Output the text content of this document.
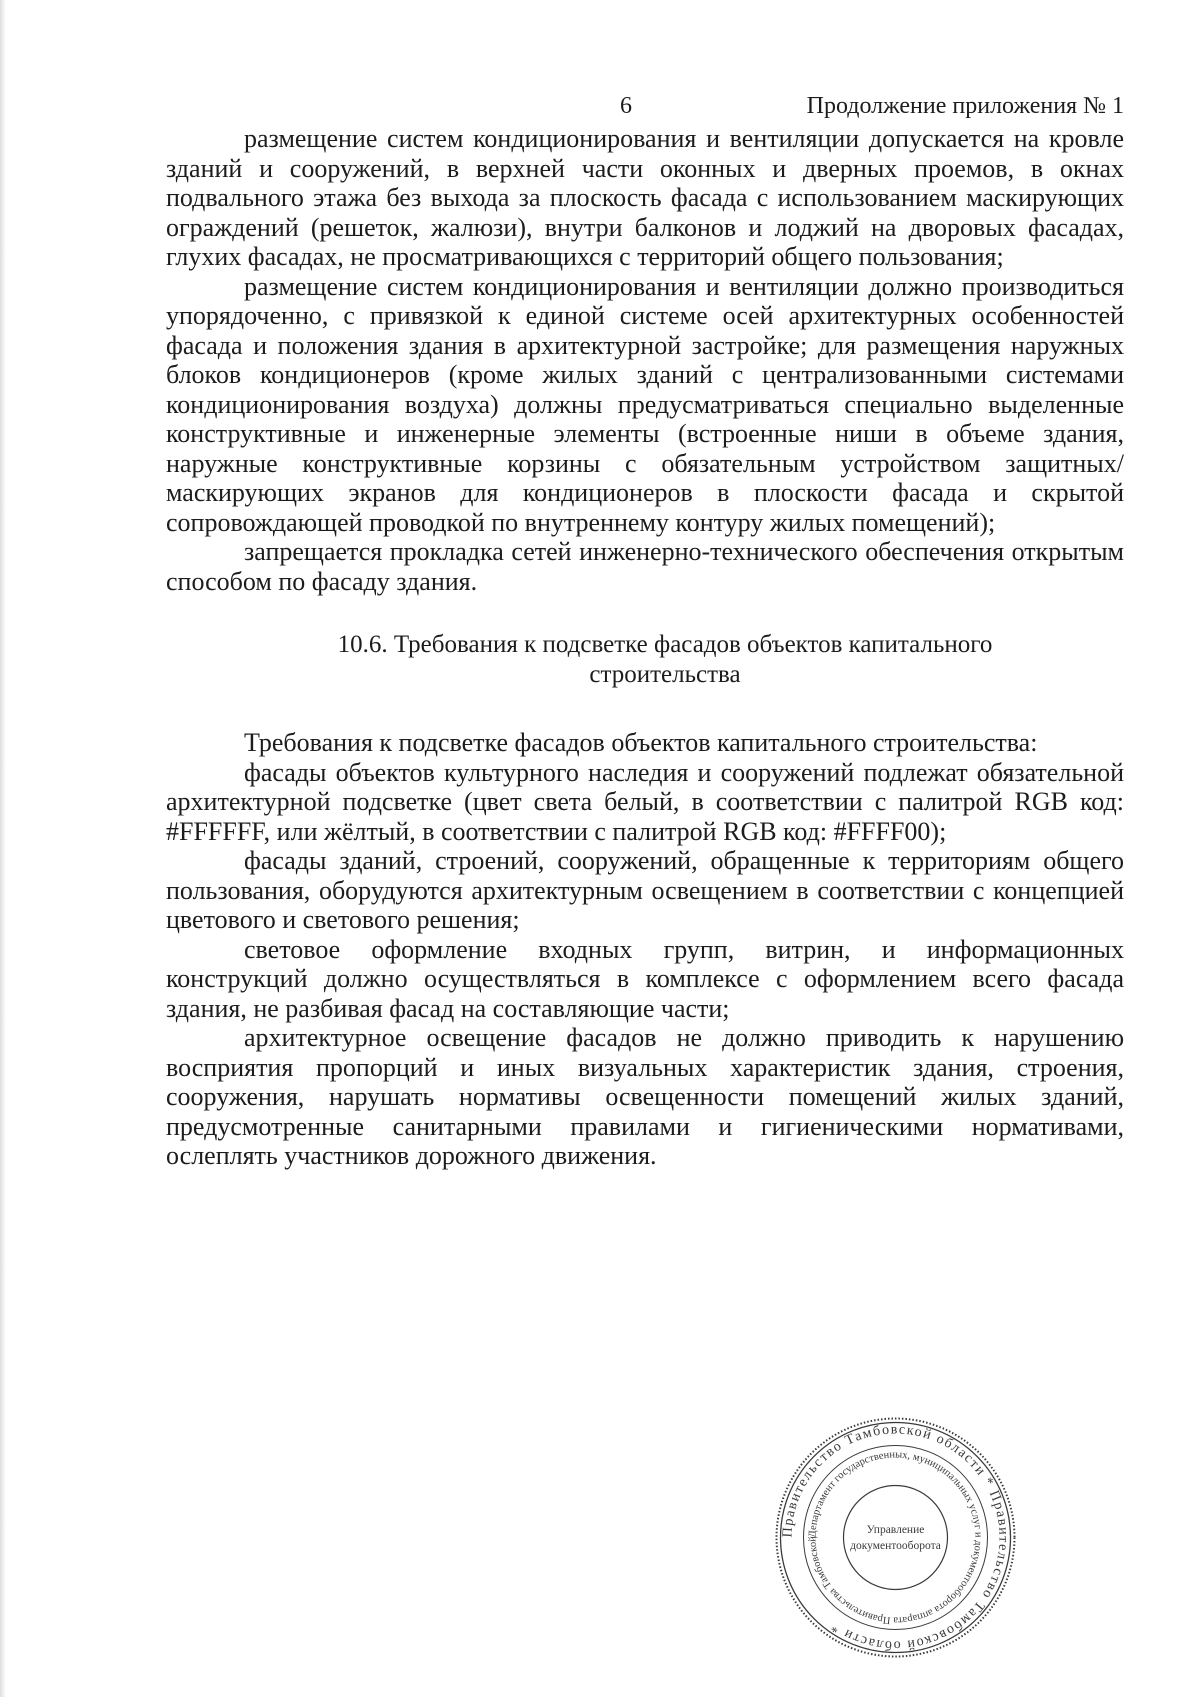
6	Продолжение приложения № 1

размещение систем кондиционирования и вентиляции допускается на кровле зданий и сооружений, в верхней части оконных и дверных проемов, в окнах подвального этажа без выхода за плоскость фасада с использованием маскирующих ограждений (решеток, жалюзи), внутри балконов и лоджий на дворовых фасадах, глухих фасадах, не просматривающихся с территорий общего пользования;

размещение систем кондиционирования и вентиляции должно производиться упорядоченно, с привязкой к единой системе осей архитектурных особенностей фасада и положения здания в архитектурной застройке; для размещения наружных блоков кондиционеров (кроме жилых зданий с централизованными системами кондиционирования воздуха) должны предусматриваться специально выделенные конструктивные и инженерные элементы (встроенные ниши в объеме здания, наружные конструктивные корзины с обязательным устройством защитных/маскирующих экранов для кондиционеров в плоскости фасада и скрытой сопровождающей проводкой по внутреннему контуру жилых помещений);

запрещается прокладка сетей инженерно-технического обеспечения открытым способом по фасаду здания.

10.6. Требования к подсветке фасадов объектов капитального строительства

Требования к подсветке фасадов объектов капитального строительства:

фасады объектов культурного наследия и сооружений подлежат обязательной архитектурной подсветке (цвет света белый, в соответствии с палитрой RGB код: #FFFFFF, или жёлтый, в соответствии с палитрой RGB код: #FFFF00);

фасады зданий, строений, сооружений, обращенные к территориям общего пользования, оборудуются архитектурным освещением в соответствии с концепцией цветового и светового решения;

световое оформление входных групп, витрин, и информационных конструкций должно осуществляться в комплексе с оформлением всего фасада здания, не разбивая фасад на составляющие части;

архитектурное освещение фасадов не должно приводить к нарушению восприятия пропорций и иных визуальных характеристик здания, строения, сооружения, нарушать нормативы освещенности помещений жилых зданий, предусмотренные санитарными правилами и гигиеническими нормативами, ослеплять участников дорожного движения.

Правительство Тамбовской области * Правительство Тамбовской области *
Департамент государственных, муниципальных услуг и документооборота аппарата Правительства Тамбовской
Управление
документооборота
